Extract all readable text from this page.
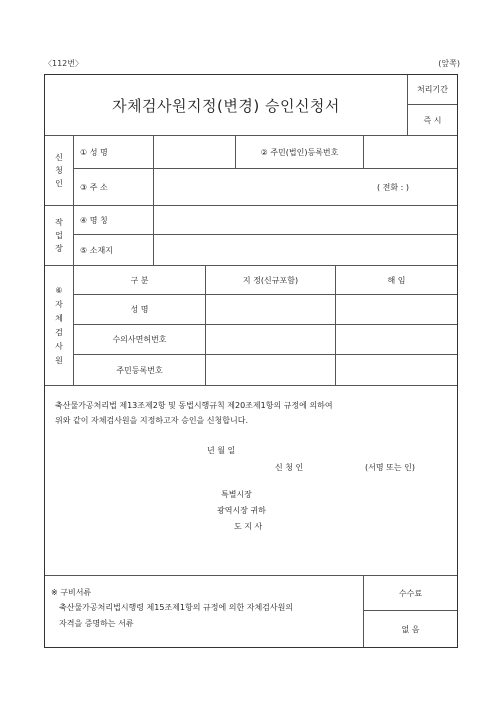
〈112번〉	(앞쪽)
자체검사원지정(변경) 승인신청서
처리기간
즉 시
신
청
인
① 성 명	② 주민(법인)등록번호
③ 주 소	( 전화 : )
작
업
장
④ 명 칭
⑤ 소재지
⑥
자
체
검
사
원
구 분	지 정(신규포함)	해 임
성 명
수의사면허번호
주민등록번호
축산물가공처리법 제13조제2항 및 동법시행규칙 제20조제1항의 규정에 의하여
위와 같이 자체검사원을 지정하고자 승인을 신청합니다.
년 월 일
신 청 인	(서명 또는 인)
특별시장
광역시장 귀하
도 지 사
※ 구비서류
축산물가공처리법시행령 제15조제1항의 규정에 의한 자체검사원의
자격을 증명하는 서류
수수료
없 음
